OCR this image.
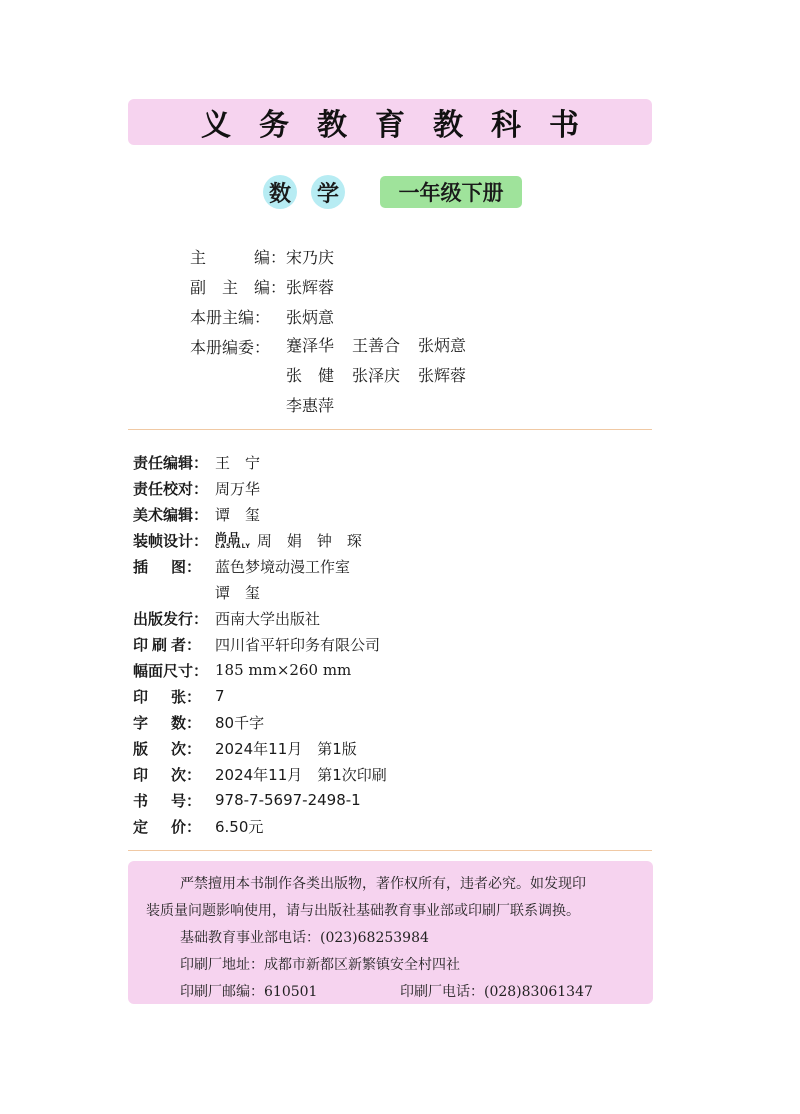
义务教育教科书
数 学	一年级下册
主	编： 宋乃庆
副 主 编： 张辉蓉
本册主编： 张炳意
本册编委： 蹇泽华	王善合	张炳意
张　健	张泽庆	张辉蓉
李惠萍
责任编辑： 王　宁
责任校对： 周万华
美术编辑： 谭　玺
装帧设计： 尚品
CASTALY 周　娟　钟　琛
插 图： 蓝色梦境动漫工作室
谭　玺
出版发行： 西南大学出版社
印 刷 者： 四川省平轩印务有限公司
幅面尺寸： 185 mm×260 mm
印 张： 7
字 数： 80千字
版 次： 2024年11月　第1版
印 次： 2024年11月　第1次印刷
书 号： 978-7-5697-2498-1
定 价： 6.50元
严禁擅用本书制作各类出版物，著作权所有，违者必究。如发现印
装质量问题影响使用，请与出版社基础教育事业部或印刷厂联系调换。
基础教育事业部电话：(023)68253984
印刷厂地址：成都市新都区新繁镇安全村四社
印刷厂邮编：610501	印刷厂电话：(028)83061347
